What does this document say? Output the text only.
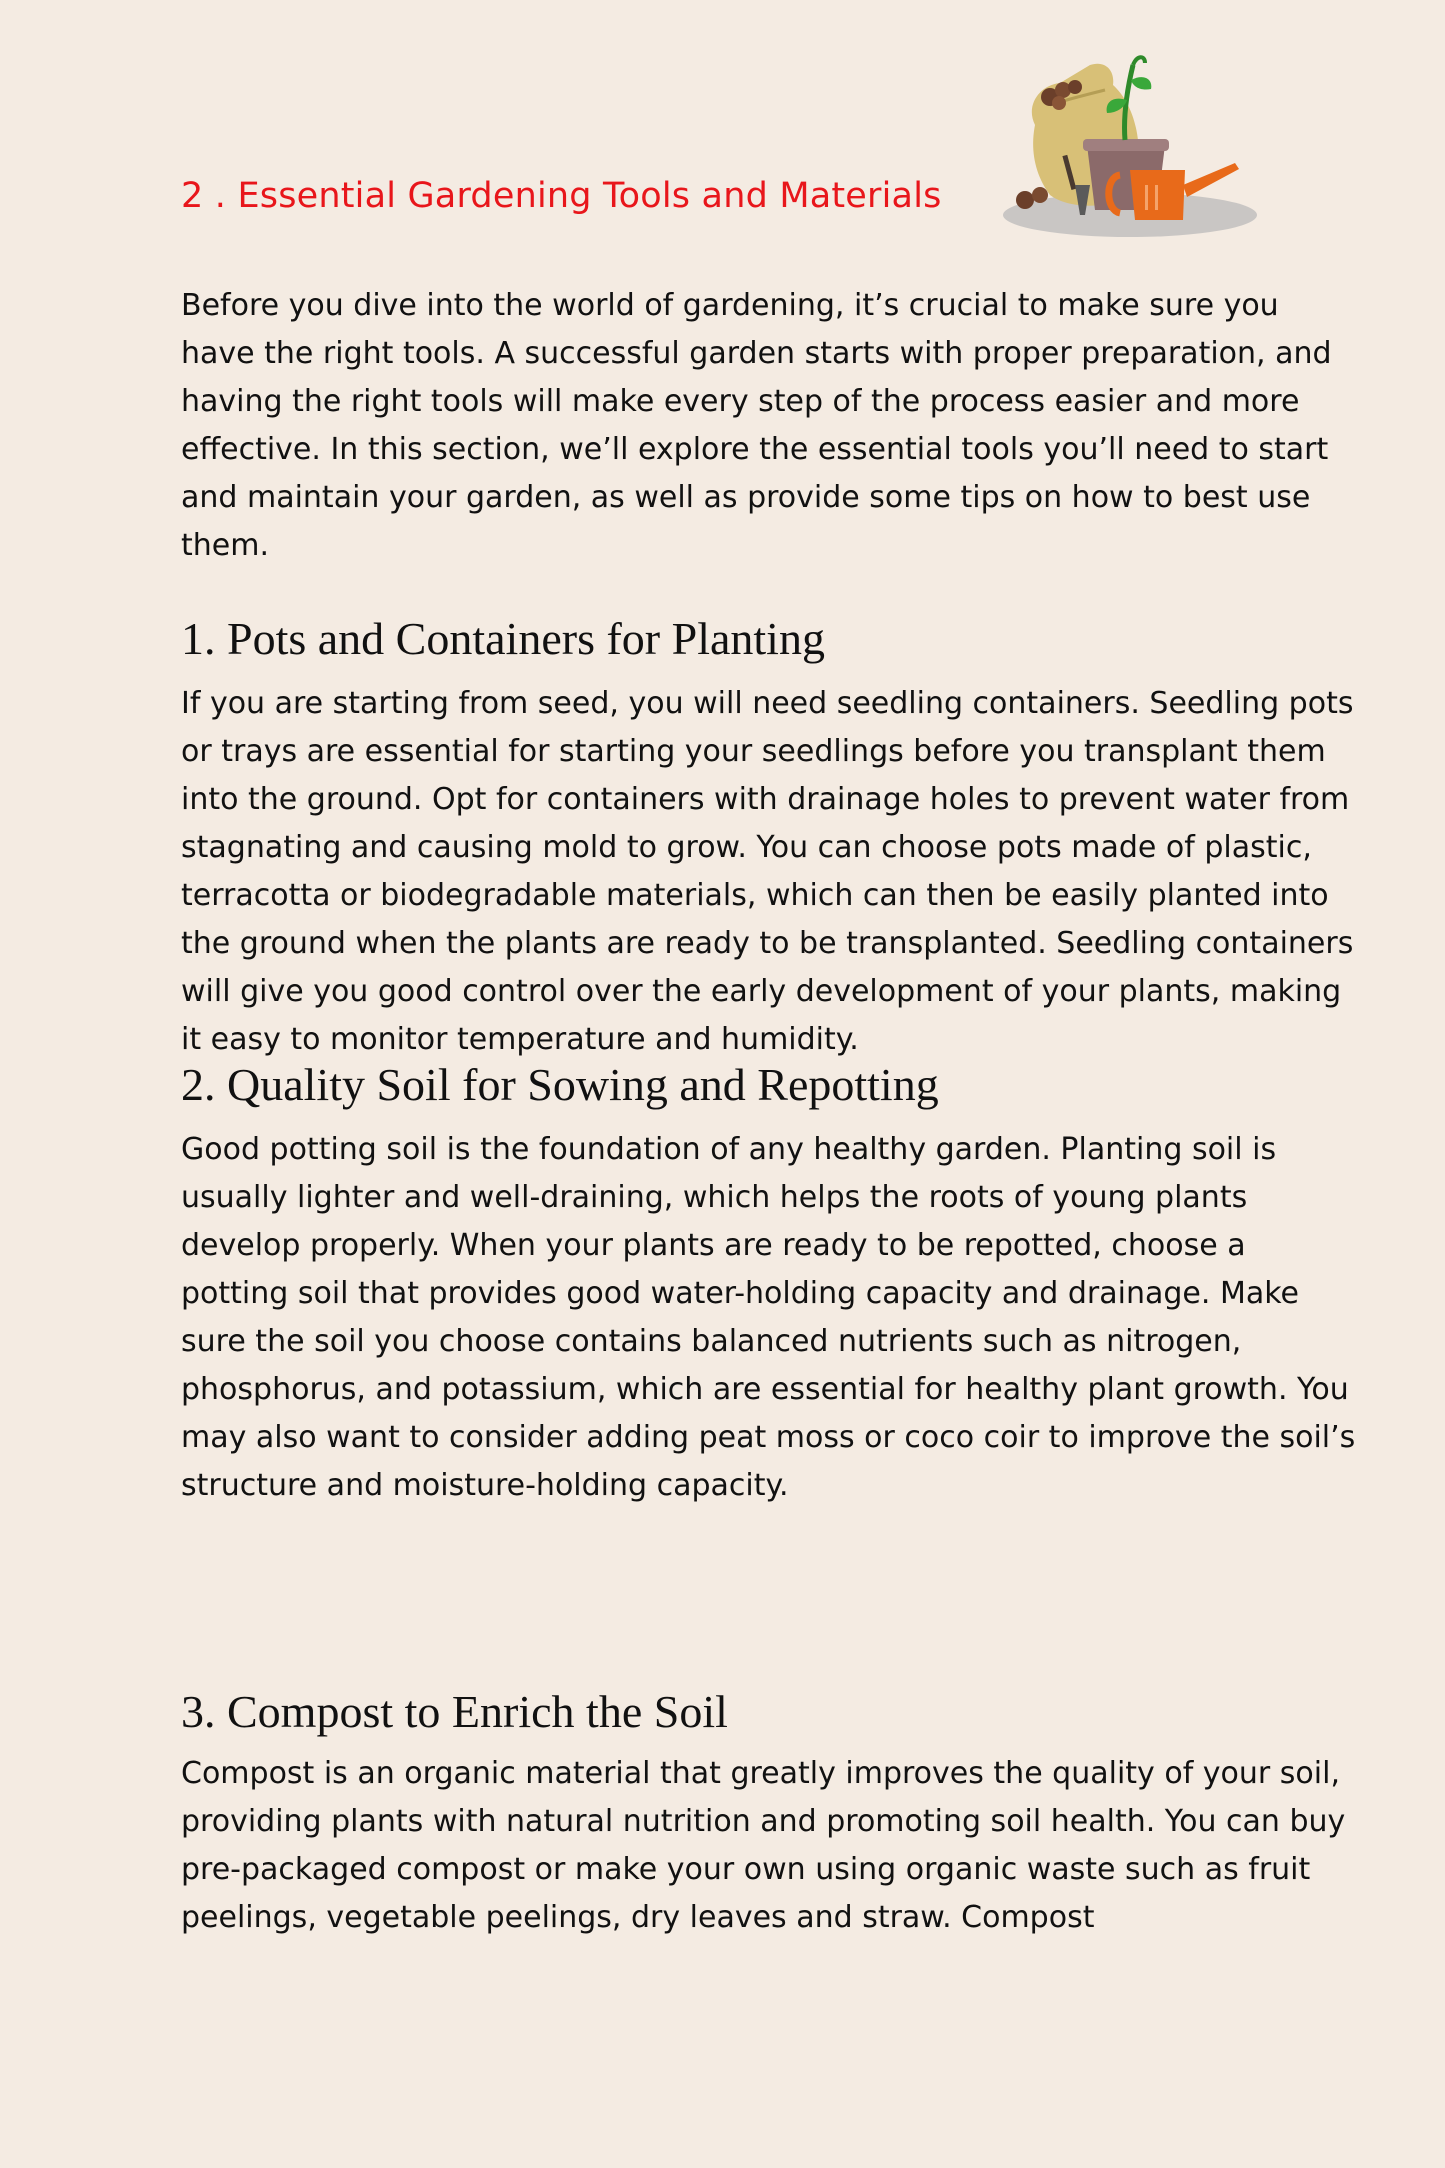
2 . Essential Gardening Tools and Materials

Before you dive into the world of gardening, it’s crucial to make sure you have the right tools. A successful garden starts with proper preparation, and having the right tools will make every step of the process easier and more effective. In this section, we’ll explore the essential tools you’ll need to start and maintain your garden, as well as provide some tips on how to best use them.

1. Pots and Containers for Planting

If you are starting from seed, you will need seedling containers. Seedling pots or trays are essential for starting your seedlings before you transplant them into the ground. Opt for containers with drainage holes to prevent water from stagnating and causing mold to grow. You can choose pots made of plastic, terracotta or biodegradable materials, which can then be easily planted into the ground when the plants are ready to be transplanted. Seedling containers will give you good control over the early development of your plants, making it easy to monitor temperature and humidity.

2. Quality Soil for Sowing and Repotting

Good potting soil is the foundation of any healthy garden. Planting soil is usually lighter and well-draining, which helps the roots of young plants develop properly. When your plants are ready to be repotted, choose a potting soil that provides good water-holding capacity and drainage. Make sure the soil you choose contains balanced nutrients such as nitrogen, phosphorus, and potassium, which are essential for healthy plant growth. You may also want to consider adding peat moss or coco coir to improve the soil’s structure and moisture-holding capacity.

3. Compost to Enrich the Soil

Compost is an organic material that greatly improves the quality of your soil, providing plants with natural nutrition and promoting soil health. You can buy pre-packaged compost or make your own using organic waste such as fruit peelings, vegetable peelings, dry leaves and straw. Compost
